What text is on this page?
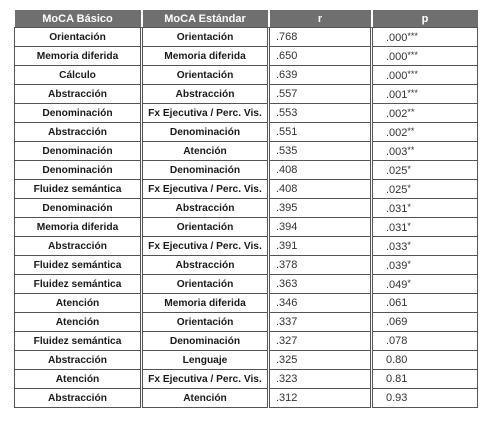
MoCA Básico	MoCA Estándar	r	p
Orientación	Orientación	.768	.000***
Memoria diferida	Memoria diferida	.650	.000***
Cálculo	Orientación	.639	.000***
Abstracción	Abstracción	.557	.001***
Denominación	Fx Ejecutiva / Perc. Vis.	.553	.002**
Abstracción	Denominación	.551	.002**
Denominación	Atención	.535	.003**
Denominación	Denominación	.408	.025*
Fluidez semántica	Fx Ejecutiva / Perc. Vis.	.408	.025*
Denominación	Abstracción	.395	.031*
Memoria diferida	Orientación	.394	.031*
Abstracción	Fx Ejecutiva / Perc. Vis.	.391	.033*
Fluidez semántica	Abstracción	.378	.039*
Fluidez semántica	Orientación	.363	.049*
Atención	Memoria diferida	.346	.061
Atención	Orientación	.337	.069
Fluidez semántica	Denominación	.327	.078
Abstracción	Lenguaje	.325	0.80
Atención	Fx Ejecutiva / Perc. Vis.	.323	0.81
Abstracción	Atención	.312	0.93
